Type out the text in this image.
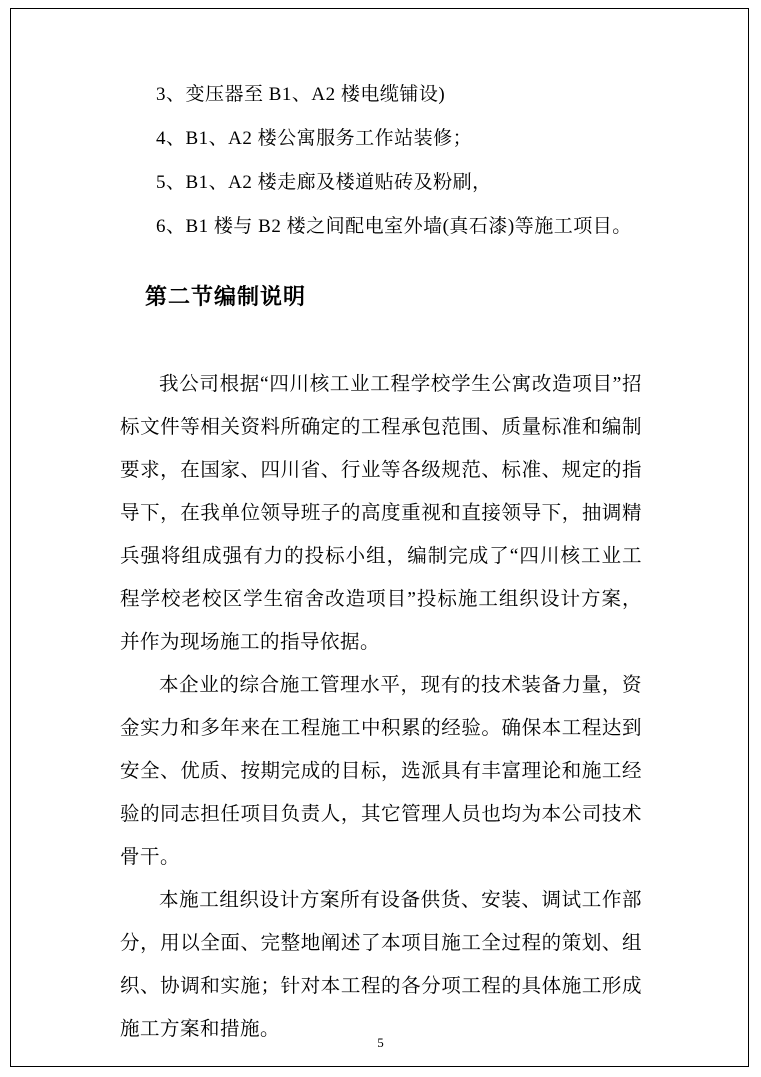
3、变压器至 B1、A2 楼电缆铺设)

4、B1、A2 楼公寓服务工作站装修；

5、B1、A2 楼走廊及楼道贴砖及粉刷，

6、B1 楼与 B2 楼之间配电室外墙(真石漆)等施工项目。

第二节编制说明

我公司根据“四川核工业工程学校学生公寓改造项目”招标文件等相关资料所确定的工程承包范围、质量标准和编制要求，在国家、四川省、行业等各级规范、标准、规定的指导下，在我单位领导班子的高度重视和直接领导下，抽调精兵强将组成强有力的投标小组，编制完成了“四川核工业工程学校老校区学生宿舍改造项目”投标施工组织设计方案，并作为现场施工的指导依据。

本企业的综合施工管理水平，现有的技术装备力量，资金实力和多年来在工程施工中积累的经验。确保本工程达到安全、优质、按期完成的目标，选派具有丰富理论和施工经验的同志担任项目负责人，其它管理人员也均为本公司技术骨干。

本施工组织设计方案所有设备供货、安装、调试工作部分，用以全面、完整地阐述了本项目施工全过程的策划、组织、协调和实施；针对本工程的各分项工程的具体施工形成施工方案和措施。

5
